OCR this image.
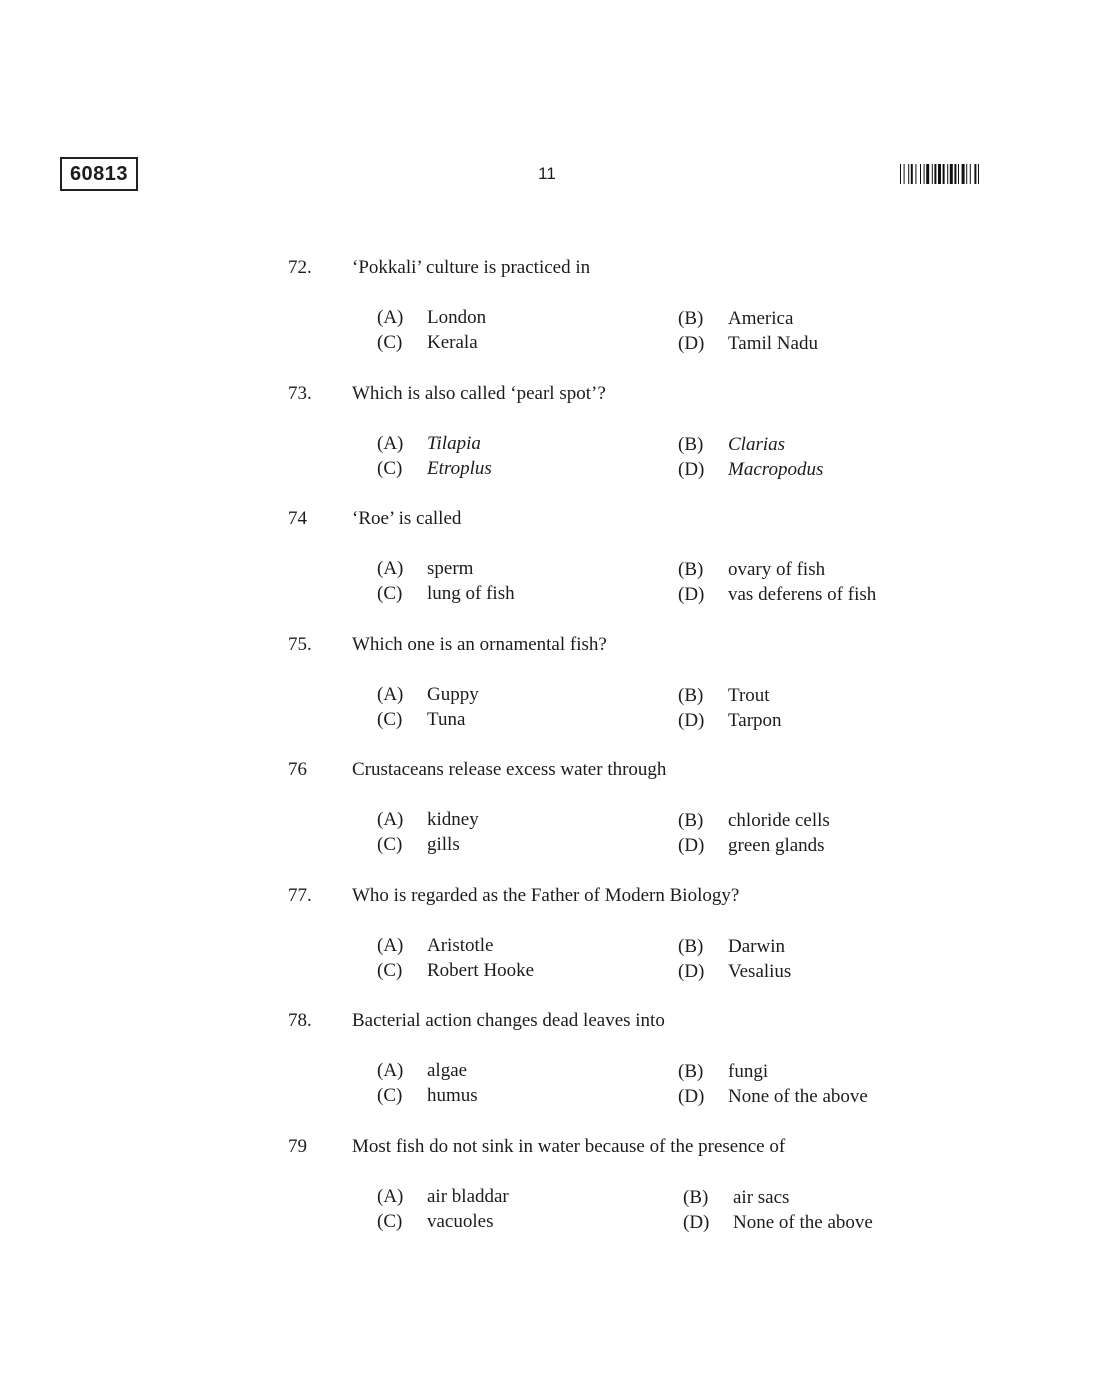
60813	11
72. ‘Pokkali’ culture is practiced in
(A) London	(B) America
(C) Kerala	(D) Tamil Nadu
73. Which is also called ‘pearl spot’?
(A) Tilapia	(B) Clarias
(C) Etroplus	(D) Macropodus
74 ‘Roe’ is called
(A) sperm	(B) ovary of fish
(C) lung of fish	(D) vas deferens of fish
75. Which one is an ornamental fish?
(A) Guppy	(B) Trout
(C) Tuna	(D) Tarpon
76 Crustaceans release excess water through
(A) kidney	(B) chloride cells
(C) gills	(D) green glands
77. Who is regarded as the Father of Modern Biology?
(A) Aristotle	(B) Darwin
(C) Robert Hooke	(D) Vesalius
78. Bacterial action changes dead leaves into
(A) algae	(B) fungi
(C) humus	(D) None of the above
79 Most fish do not sink in water because of the presence of
(A) air bladdar	(B) air sacs
(C) vacuoles	(D) None of the above
